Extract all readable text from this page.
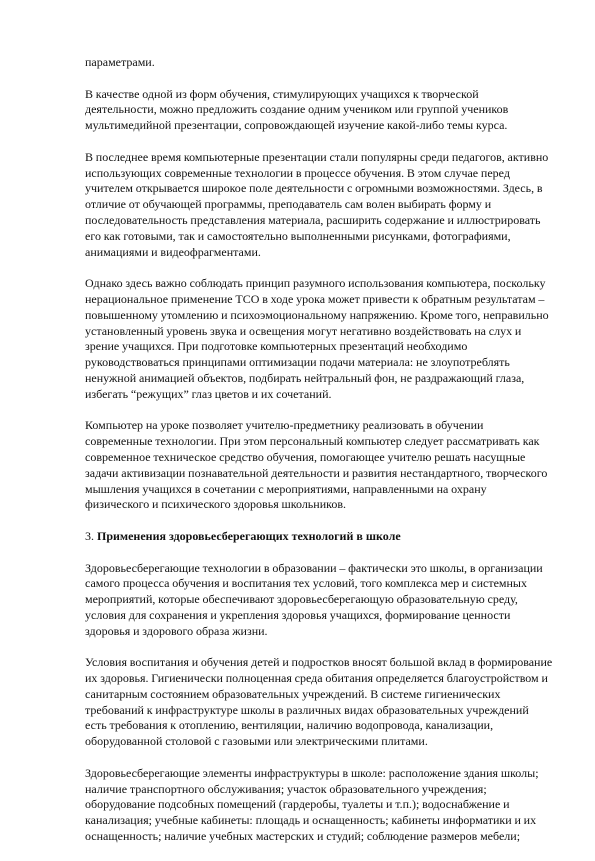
параметрами.

В качестве одной из форм обучения, стимулирующих учащихся к творческой деятельности, можно предложить создание одним учеником или группой учеников мультимедийной презентации, сопровождающей изучение какой-либо темы курса.

В последнее время компьютерные презентации стали популярны среди педагогов, активно использующих современные технологии в процессе обучения. В этом случае перед учителем открывается широкое поле деятельности с огромными возможностями. Здесь, в отличие от обучающей программы, преподаватель сам волен выбирать форму и последовательность представления материала, расширить содержание и иллюстрировать его как готовыми, так и самостоятельно выполненными рисунками, фотографиями, анимациями и видеофрагментами.

Однако здесь важно соблюдать принцип разумного использования компьютера, поскольку нерациональное применение ТСО в ходе урока может привести к обратным результатам – повышенному утомлению и психоэмоциональному напряжению. Кроме того, неправильно установленный уровень звука и освещения могут негативно воздействовать на слух и зрение учащихся. При подготовке компьютерных презентаций необходимо руководствоваться принципами оптимизации подачи материала: не злоупотреблять ненужной анимацией объектов, подбирать нейтральный фон, не раздражающий глаза, избегать “режущих” глаз цветов и их сочетаний.

Компьютер на уроке позволяет учителю-предметнику реализовать в обучении современные технологии. При этом персональный компьютер следует рассматривать как современное техническое средство обучения, помогающее учителю решать насущные задачи активизации познавательной деятельности и развития нестандартного, творческого мышления учащихся в сочетании с мероприятиями, направленными на охрану физического и психического здоровья школьников.

3. Применения здоровьесберегающих технологий в школе

Здоровьесберегающие технологии в образовании – фактически это школы, в организации самого процесса обучения и воспитания тех условий, того комплекса мер и системных мероприятий, которые обеспечивают здоровьесберегающую образовательную среду, условия для сохранения и укрепления здоровья учащихся, формирование ценности здоровья и здорового образа жизни.

Условия воспитания и обучения детей и подростков вносят большой вклад в формирование их здоровья. Гигиенически полноценная среда обитания определяется благоустройством и санитарным состоянием образовательных учреждений. В системе гигиенических требований к инфраструктуре школы в различных видах образовательных учреждений есть требования к отоплению, вентиляции, наличию водопровода, канализации, оборудованной столовой с газовыми или электрическими плитами.

Здоровьесберегающие элементы инфраструктуры в школе: расположение здания школы; наличие транспортного обслуживания; участок образовательного учреждения; оборудование подсобных помещений (гардеробы, туалеты и т.п.); водоснабжение и канализация; учебные кабинеты: площадь и оснащенность; кабинеты информатики и их оснащенность; наличие учебных мастерских и студий; соблюдение размеров мебели;
